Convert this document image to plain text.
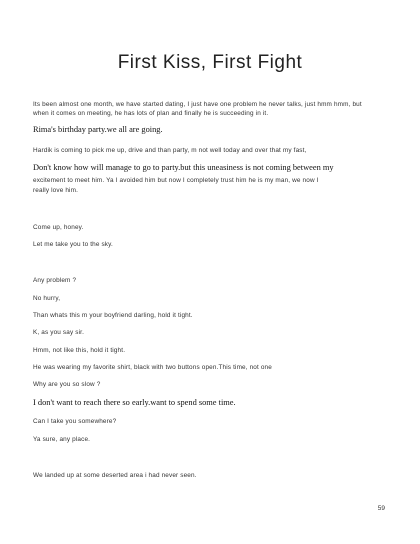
First Kiss, First Fight
Its been almost one month, we have started dating, I just have one problem he never talks, just hmm hmm, but when it comes on meeting, he has lots of plan and finally he is succeeding in it.
Rima's birthday party.we all are going.
Hardik is coming to pick me up, drive and than party, m not well today and over that my fast,
Don't know how will manage to go to party.but this uneasiness is not coming between my
excitement to meet him. Ya I avoided him but now I completely trust him he is my man, we now I
really love him.
Come up, honey.
Let me take you to the sky.
Any problem ?
No hurry,
Than whats this m your boyfriend darling, hold it tight.
K, as you say sir.
Hmm, not like this, hold it tight.
He was wearing my favorite shirt, black with two buttons open.This time, not one
Why are you so slow ?
I don't want to reach there so early.want to spend some time.
Can I take you somewhere?
Ya sure, any place.
We landed up at some deserted area i had never seen.
59
